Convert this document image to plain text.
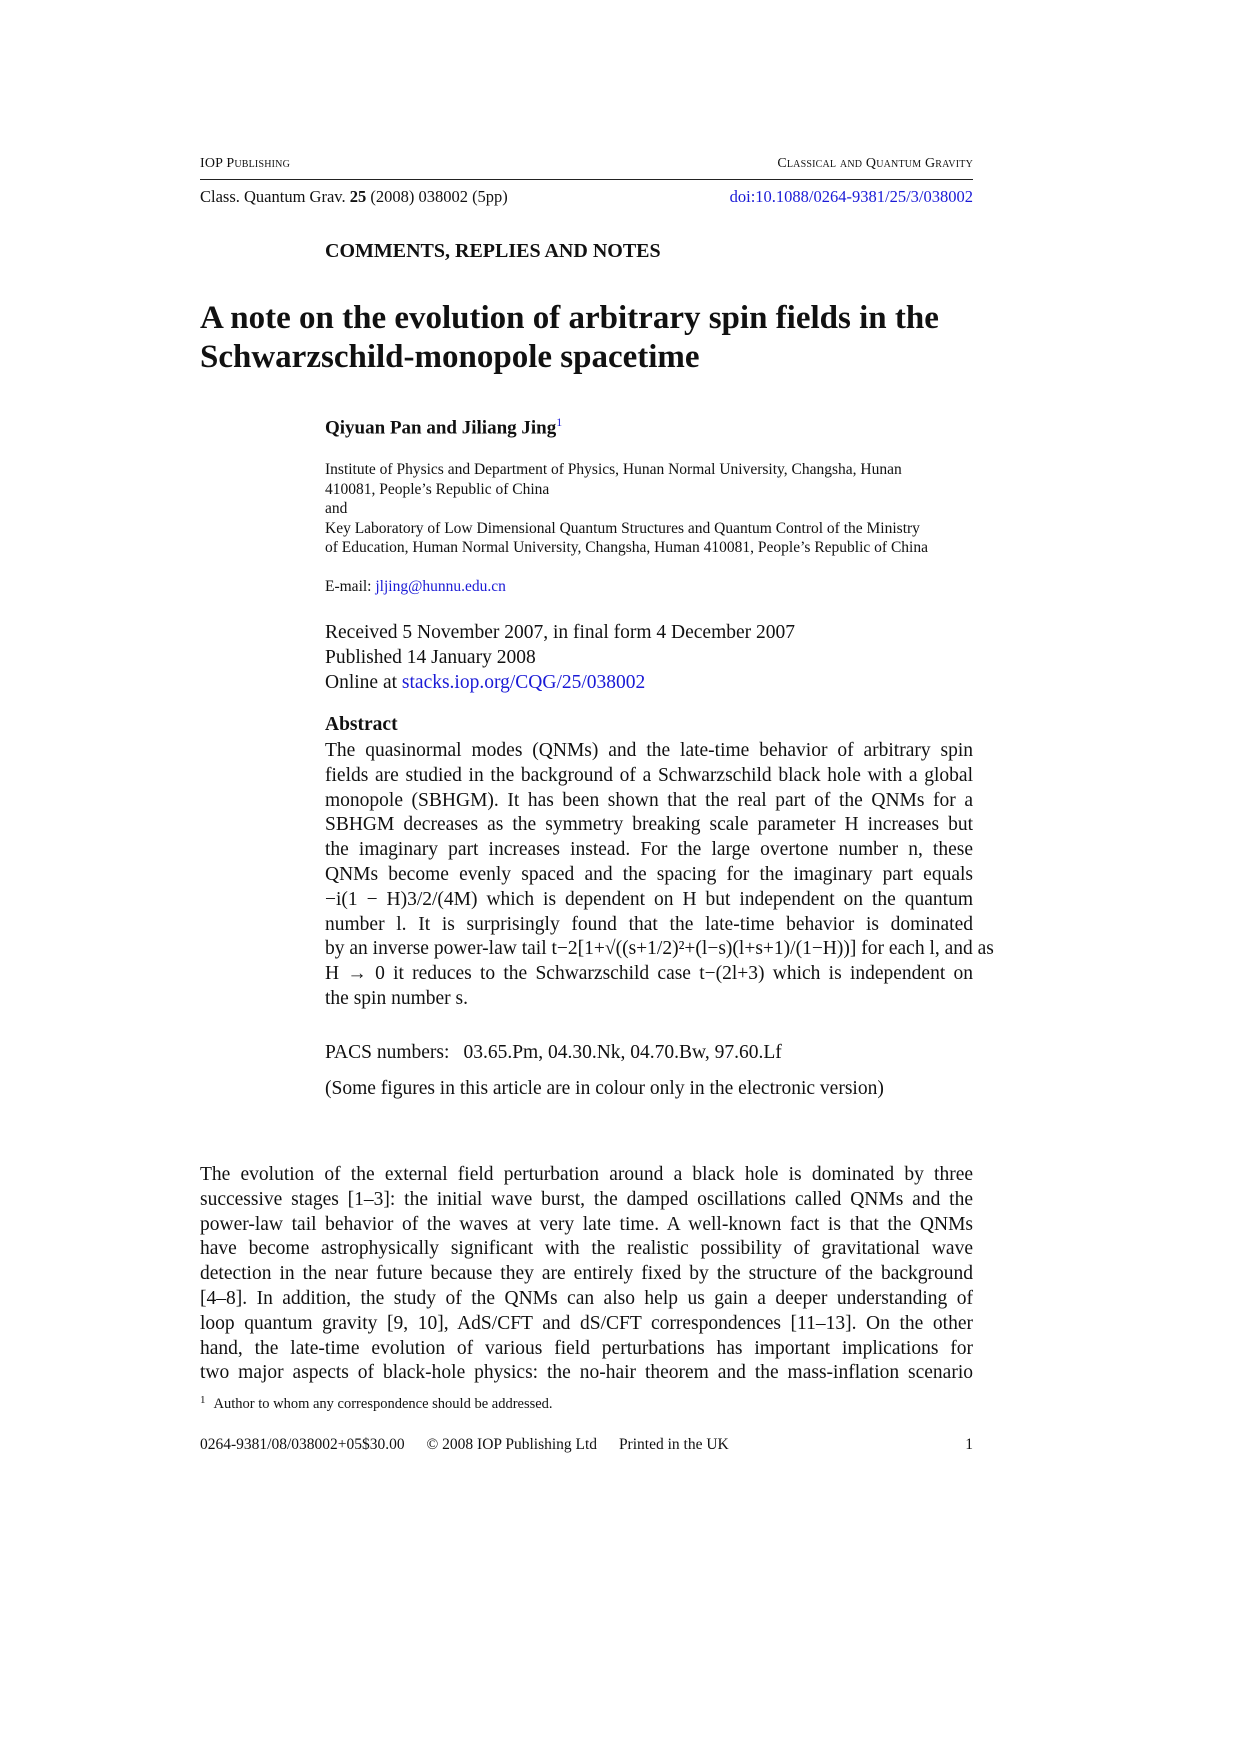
IOP Publishing	Classical and Quantum Gravity
Class. Quantum Grav. 25 (2008) 038002 (5pp)	doi:10.1088/0264-9381/25/3/038002
COMMENTS, REPLIES AND NOTES
A note on the evolution of arbitrary spin fields in the
Schwarzschild-monopole spacetime
Qiyuan Pan and Jiliang Jing$^1$
Institute of Physics and Department of Physics, Hunan Normal University, Changsha, Hunan
410081, People’s Republic of China
and
Key Laboratory of Low Dimensional Quantum Structures and Quantum Control of the Ministry
of Education, Human Normal University, Changsha, Human 410081, People’s Republic of China
E-mail: jljing@hunnu.edu.cn
Received 5 November 2007, in final form 4 December 2007
Published 14 January 2008
Online at stacks.iop.org/CQG/25/038002
Abstract
The quasinormal modes (QNMs) and the late-time behavior of arbitrary spin
fields are studied in the background of a Schwarzschild black hole with a global
monopole (SBHGM). It has been shown that the real part of the QNMs for a
SBHGM decreases as the symmetry breaking scale parameter H increases but
the imaginary part increases instead. For the large overtone number n, these
QNMs become evenly spaced and the spacing for the imaginary part equals
−i(1 − H)3/2/(4M) which is dependent on H but independent on the quantum
number l. It is surprisingly found that the late-time behavior is dominated
by an inverse power-law tail t−2[1+√((s+1/2)²+(l−s)(l+s+1)/(1−H))] for each l, and as
H → 0 it reduces to the Schwarzschild case t−(2l+3) which is independent on
the spin number s.
PACS numbers: 03.65.Pm, 04.30.Nk, 04.70.Bw, 97.60.Lf
(Some figures in this article are in colour only in the electronic version)
The evolution of the external field perturbation around a black hole is dominated by three
successive stages [1–3]: the initial wave burst, the damped oscillations called QNMs and the
power-law tail behavior of the waves at very late time. A well-known fact is that the QNMs
have become astrophysically significant with the realistic possibility of gravitational wave
detection in the near future because they are entirely fixed by the structure of the background
[4–8]. In addition, the study of the QNMs can also help us gain a deeper understanding of
loop quantum gravity [9, 10], AdS/CFT and dS/CFT correspondences [11–13]. On the other
hand, the late-time evolution of various field perturbations has important implications for
two major aspects of black-hole physics: the no-hair theorem and the mass-inflation scenario
$^1$ Author to whom any correspondence should be addressed.
0264-9381/08/038002+05$30.00 © 2008 IOP Publishing Ltd Printed in the UK	1
